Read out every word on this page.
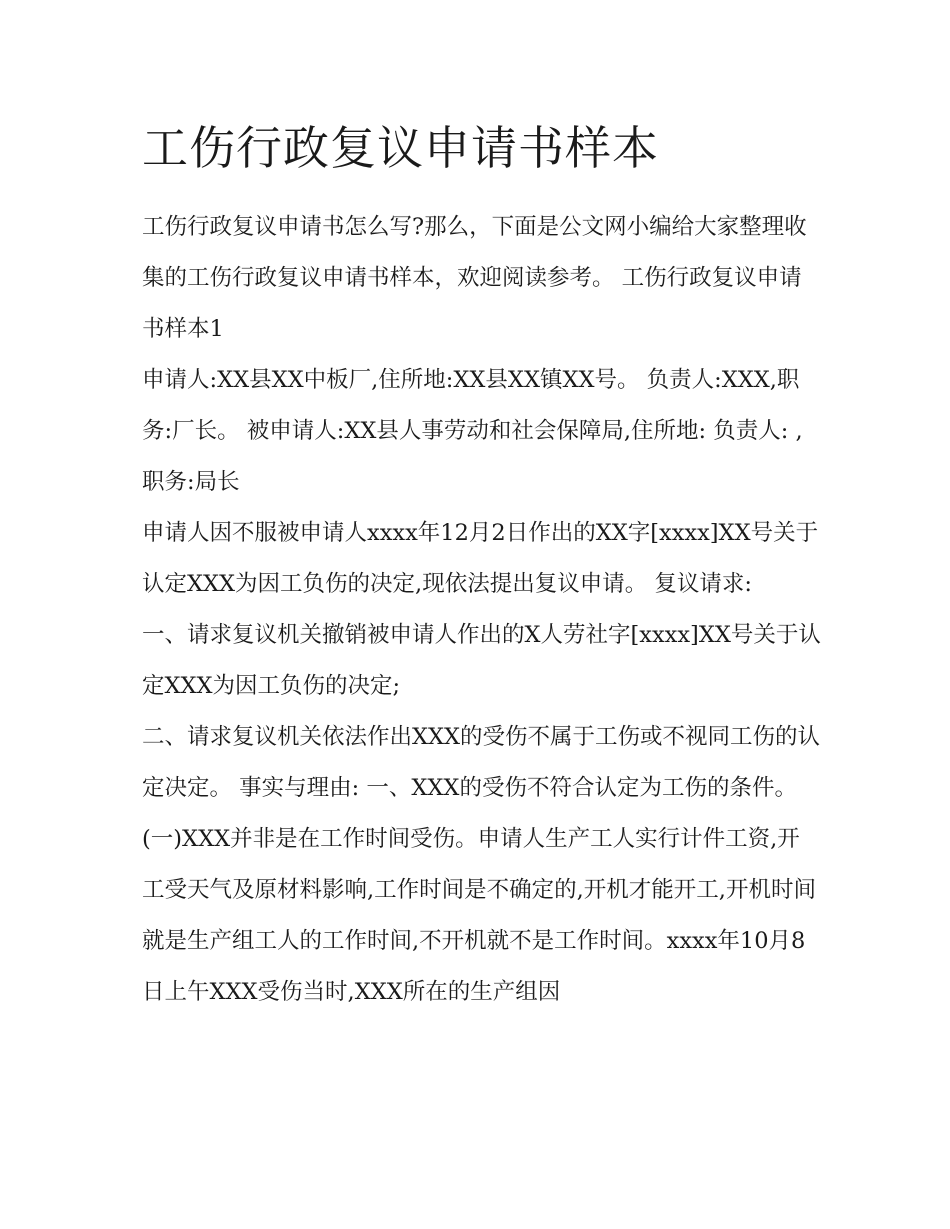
工伤行政复议申请书样本

工伤行政复议申请书怎么写?那么，下面是公文网小编给大家整理收集的工伤行政复议申请书样本，欢迎阅读参考。 工伤行政复议申请书样本1

申请人:XX县XX中板厂,住所地:XX县XX镇XX号。 负责人:XXX,职务:厂长。 被申请人:XX县人事劳动和社会保障局,住所地: 负责人: ,职务:局长

申请人因不服被申请人xxxx年12月2日作出的XX字[xxxx]XX号关于认定XXX为因工负伤的决定,现依法提出复议申请。 复议请求:

一、请求复议机关撤销被申请人作出的X人劳社字[xxxx]XX号关于认定XXX为因工负伤的决定;

二、请求复议机关依法作出XXX的受伤不属于工伤或不视同工伤的认定决定。 事实与理由: 一、XXX的受伤不符合认定为工伤的条件。

(一)XXX并非是在工作时间受伤。申请人生产工人实行计件工资,开工受天气及原材料影响,工作时间是不确定的,开机才能开工,开机时间就是生产组工人的工作时间,不开机就不是工作时间。xxxx年10月8日上午XXX受伤当时,XXX所在的生产组因
